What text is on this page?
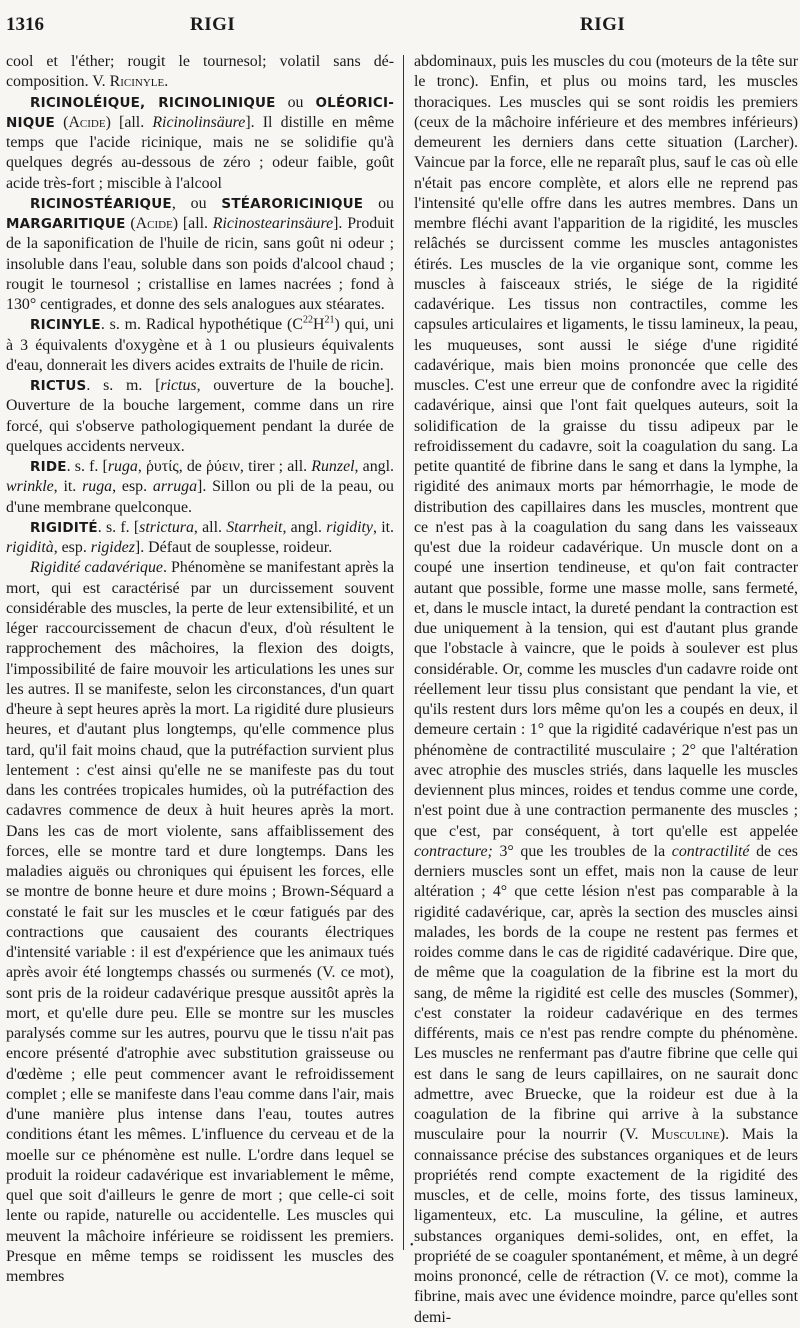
1316	RIGI	RIGI

cool et l'éther; rougit le tournesol; volatil sans dé-composition. V. Ricinyle.

RICINOLÉIQUE, RICINOLINIQUE ou OLÉORICI-NIQUE (Acide) [all. Ricinolinsäure]. Il distille en même temps que l'acide ricinique, mais ne se solidifie qu'à quelques degrés au-dessous de zéro ; odeur faible, goût acide très-fort ; miscible à l'alcool

RICINOSTÉARIQUE, ou STÉARORICINIQUE ou MARGARITIQUE (Acide) [all. Ricinostearinsäure]. Produit de la saponification de l'huile de ricin, sans goût ni odeur ; insoluble dans l'eau, soluble dans son poids d'alcool chaud ; rougit le tournesol ; cristallise en lames nacrées ; fond à 130° centigrades, et donne des sels analogues aux stéarates.

RICINYLE. s. m. Radical hypothétique $(C^{22}H^{21})$ qui, uni à 3 équivalents d'oxygène et à 1 ou plusieurs équivalents d'eau, donnerait les divers acides extraits de l'huile de ricin.

RICTUS. s. m. [rictus, ouverture de la bouche]. Ouverture de la bouche largement, comme dans un rire forcé, qui s'observe pathologiquement pendant la durée de quelques accidents nerveux.

RIDE. s. f. [ruga, ῥυτίς, de ῥύειν, tirer ; all. Runzel, angl. wrinkle, it. ruga, esp. arruga]. Sillon ou pli de la peau, ou d'une membrane quelconque.

RIGIDITÉ. s. f. [strictura, all. Starrheit, angl. rigidity, it. rigidità, esp. rigidez]. Défaut de souplesse, roideur.

Rigidité cadavérique. Phénomène se manifestant après la mort, qui est caractérisé par un durcissement souvent considérable des muscles, la perte de leur extensibilité, et un léger raccourcissement de chacun d'eux, d'où résultent le rapprochement des mâchoires, la flexion des doigts, l'impossibilité de faire mouvoir les articulations les unes sur les autres. Il se manifeste, selon les circonstances, d'un quart d'heure à sept heures après la mort. La rigidité dure plusieurs heures, et d'autant plus longtemps, qu'elle commence plus tard, qu'il fait moins chaud, que la putréfaction survient plus lentement : c'est ainsi qu'elle ne se manifeste pas du tout dans les contrées tropicales humides, où la putréfaction des cadavres commence de deux à huit heures après la mort. Dans les cas de mort violente, sans affaiblissement des forces, elle se montre tard et dure longtemps. Dans les maladies aiguës ou chroniques qui épuisent les forces, elle se montre de bonne heure et dure moins ; Brown-Séquard a constaté le fait sur les muscles et le cœur fatigués par des contractions que causaient des courants électriques d'intensité variable : il est d'expérience que les animaux tués après avoir été longtemps chassés ou surmenés (V. ce mot), sont pris de la roideur cadavérique presque aussitôt après la mort, et qu'elle dure peu. Elle se montre sur les muscles paralysés comme sur les autres, pourvu que le tissu n'ait pas encore présenté d'atrophie avec substitution graisseuse ou d'œdème ; elle peut commencer avant le refroidissement complet ; elle se manifeste dans l'eau comme dans l'air, mais d'une manière plus intense dans l'eau, toutes autres conditions étant les mêmes. L'influence du cerveau et de la moelle sur ce phénomène est nulle. L'ordre dans lequel se produit la roideur cadavérique est invariablement le même, quel que soit d'ailleurs le genre de mort ; que celle-ci soit lente ou rapide, naturelle ou accidentelle. Les muscles qui meuvent la mâchoire inférieure se roidissent les premiers. Presque en même temps se roidissent les muscles des membres

abdominaux, puis les muscles du cou (moteurs de la tête sur le tronc). Enfin, et plus ou moins tard, les muscles thoraciques. Les muscles qui se sont roidis les premiers (ceux de la mâchoire inférieure et des membres inférieurs) demeurent les derniers dans cette situation (Larcher). Vaincue par la force, elle ne reparaît plus, sauf le cas où elle n'était pas encore complète, et alors elle ne reprend pas l'intensité qu'elle offre dans les autres membres. Dans un membre fléchi avant l'apparition de la rigidité, les muscles relâchés se durcissent comme les muscles antagonistes étirés. Les muscles de la vie organique sont, comme les muscles à faisceaux striés, le siége de la rigidité cadavérique. Les tissus non contractiles, comme les capsules articulaires et ligaments, le tissu lamineux, la peau, les muqueuses, sont aussi le siége d'une rigidité cadavérique, mais bien moins prononcée que celle des muscles. C'est une erreur que de confondre avec la rigidité cadavérique, ainsi que l'ont fait quelques auteurs, soit la solidification de la graisse du tissu adipeux par le refroidissement du cadavre, soit la coagulation du sang. La petite quantité de fibrine dans le sang et dans la lymphe, la rigidité des animaux morts par hémorrhagie, le mode de distribution des capillaires dans les muscles, montrent que ce n'est pas à la coagulation du sang dans les vaisseaux qu'est due la roideur cadavérique. Un muscle dont on a coupé une insertion tendineuse, et qu'on fait contracter autant que possible, forme une masse molle, sans fermeté, et, dans le muscle intact, la dureté pendant la contraction est due uniquement à la tension, qui est d'autant plus grande que l'obstacle à vaincre, que le poids à soulever est plus considérable. Or, comme les muscles d'un cadavre roide ont réellement leur tissu plus consistant que pendant la vie, et qu'ils restent durs lors même qu'on les a coupés en deux, il demeure certain : 1° que la rigidité cadavérique n'est pas un phénomène de contractilité musculaire ; 2° que l'altération avec atrophie des muscles striés, dans laquelle les muscles deviennent plus minces, roides et tendus comme une corde, n'est point due à une contraction permanente des muscles ; que c'est, par conséquent, à tort qu'elle est appelée contracture; 3° que les troubles de la contractilité de ces derniers muscles sont un effet, mais non la cause de leur altération ; 4° que cette lésion n'est pas comparable à la rigidité cadavérique, car, après la section des muscles ainsi malades, les bords de la coupe ne restent pas fermes et roides comme dans le cas de rigidité cadavérique. Dire que, de même que la coagulation de la fibrine est la mort du sang, de même la rigidité est celle des muscles (Sommer), c'est constater la roideur cadavérique en des termes différents, mais ce n'est pas rendre compte du phénomène. Les muscles ne renfermant pas d'autre fibrine que celle qui est dans le sang de leurs capillaires, on ne saurait donc admettre, avec Bruecke, que la roideur est due à la coagulation de la fibrine qui arrive à la substance musculaire pour la nourrir (V. Musculine). Mais la connaissance précise des substances organiques et de leurs propriétés rend compte exactement de la rigidité des muscles, et de celle, moins forte, des tissus lamineux, ligamenteux, etc. La musculine, la géline, et autres substances organiques demi-solides, ont, en effet, la propriété de se coaguler spontanément, et même, à un degré moins prononcé, celle de rétraction (V. ce mot), comme la fibrine, mais avec une évidence moindre, parce qu'elles sont demi-

•
